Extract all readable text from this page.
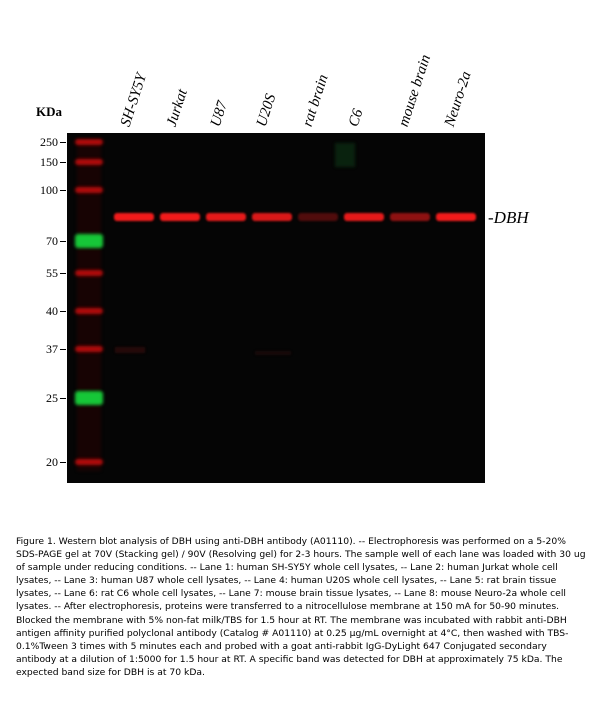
KDa	SH-SY5Y Jurkat U87 U20S rat brain C6 mouse brain Neuro-2a
250
150
100
70
55
40
37
25
20
-DBH
Figure 1. Western blot analysis of DBH using anti-DBH antibody (A01110). -- Electrophoresis was performed on a 5-20% SDS-PAGE gel at 70V (Stacking gel) / 90V (Resolving gel) for 2-3 hours. The sample well of each lane was loaded with 30 ug of sample under reducing conditions. -- Lane 1: human SH-SY5Y whole cell lysates, -- Lane 2: human Jurkat whole cell lysates, -- Lane 3: human U87 whole cell lysates, -- Lane 4: human U20S whole cell lysates, -- Lane 5: rat brain tissue lysates, -- Lane 6: rat C6 whole cell lysates, -- Lane 7: mouse brain tissue lysates, -- Lane 8: mouse Neuro-2a whole cell lysates. -- After electrophoresis, proteins were transferred to a nitrocellulose membrane at 150 mA for 50-90 minutes. Blocked the membrane with 5% non-fat milk/TBS for 1.5 hour at RT. The membrane was incubated with rabbit anti-DBH antigen affinity purified polyclonal antibody (Catalog # A01110) at 0.25 µg/mL overnight at 4°C, then washed with TBS-0.1%Tween 3 times with 5 minutes each and probed with a goat anti-rabbit IgG-DyLight 647 Conjugated secondary antibody at a dilution of 1:5000 for 1.5 hour at RT. A specific band was detected for DBH at approximately 75 kDa. The expected band size for DBH is at 70 kDa.
